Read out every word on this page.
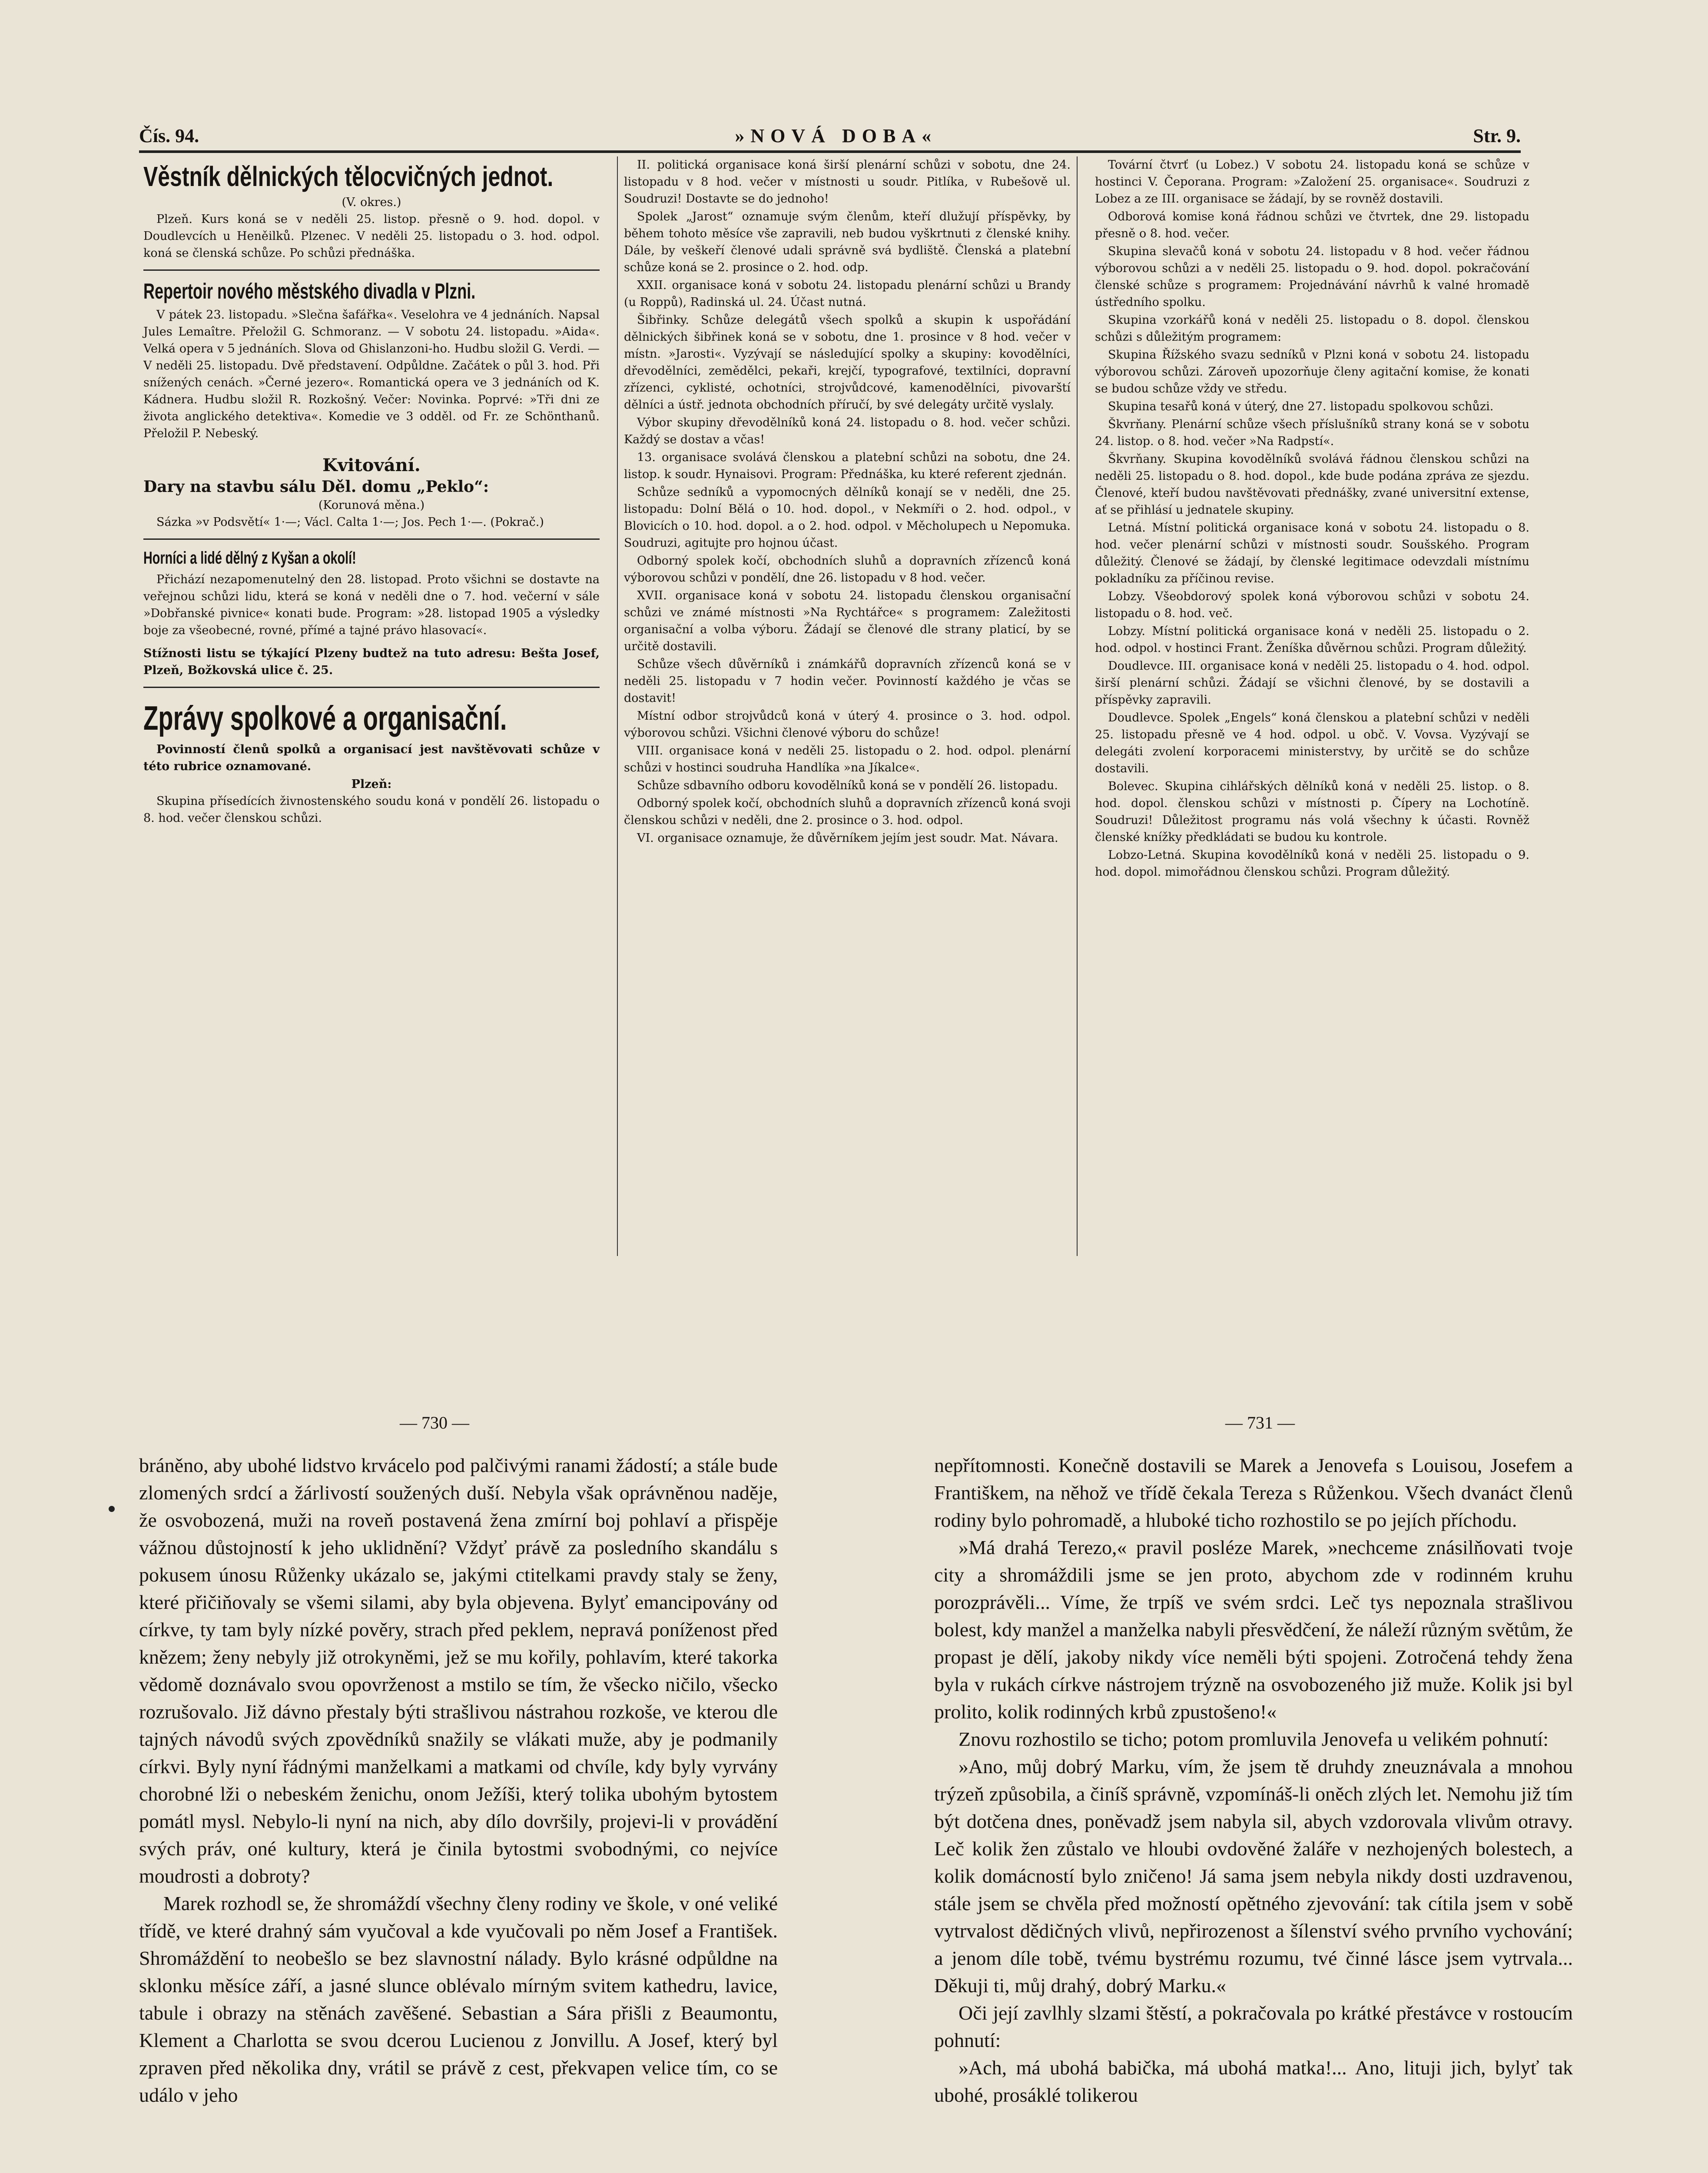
Čís. 94.	»NOVÁ DOBA«	Str. 9.
Věstník dělnických tělocvičných jednot.
(V. okres.)
Plzeň. Kurs koná se v neděli 25. listop. přesně o 9. hod. dopol. v Doudlevcích u Heněilků. Plzenec. V neděli 25. listopadu o 3. hod. odpol. koná se členská schůze. Po schůzi přednáška.
Repertoir nového městského divadla v Plzni.
V pátek 23. listopadu. »Slečna šafářka«. Veselohra ve 4 jednáních. Napsal Jules Lemaître. Přeložil G. Schmoranz. — V sobotu 24. listopadu. »Aida«. Velká opera v 5 jednáních. Slova od Ghislanzoni-ho. Hudbu složil G. Verdi. — V neděli 25. listopadu. Dvě představení. Odpůldne. Začátek o půl 3. hod. Při snížených cenách. »Černé jezero«. Romantická opera ve 3 jednáních od K. Kádnera. Hudbu složil R. Rozkošný. Večer: Novinka. Poprvé: »Tři dni ze života anglického detektiva«. Komedie ve 3 odděl. od Fr. ze Schönthanů. Přeložil P. Nebeský.
Kvitování.
Dary na stavbu sálu Děl. domu „Peklo“:
(Korunová měna.)
Sázka »v Podsvětí« 1·—; Václ. Calta 1·—; Jos. Pech 1·—. (Pokrač.)
Horníci a lidé dělný z Kyšan a okolí!
Přichází nezapomenutelný den 28. listopad. Proto všichni se dostavte na veřejnou schůzi lidu, která se koná v neděli dne o 7. hod. večerní v sále »Dobřanské pivnice« konati bude. Program: »28. listopad 1905 a výsledky boje za všeobecné, rovné, přímé a tajné právo hlasovací«.
Stížnosti listu se týkající Plzeny budtež na tuto adresu: Bešta Josef, Plzeň, Božkovská ulice č. 25.
Zprávy spolkové a organisační.
Povinností členů spolků a organisací jest navštěvovati schůze v této rubrice oznamované.
Plzeň:
Skupina přísedících živnostenského soudu koná v pondělí 26. listopadu o 8. hod. večer členskou schůzi.
II. politická organisace koná širší plenární schůzi v sobotu, dne 24. listopadu v 8 hod. večer v místnosti u soudr. Pitlíka, v Rubešově ul. Soudruzi! Dostavte se do jednoho!
Spolek „Jarost“ oznamuje svým členům, kteří dlužují příspěvky, by během tohoto měsíce vše zapravili, neb budou vyškrtnuti z členské knihy. Dále, by veškeří členové udali správně svá bydliště. Členská a platební schůze koná se 2. prosince o 2. hod. odp.
XXII. organisace koná v sobotu 24. listopadu plenární schůzi u Brandy (u Roppů), Radinská ul. 24. Účast nutná.
Šibřinky. Schůze delegátů všech spolků a skupin k uspořádání dělnických šibřinek koná se v sobotu, dne 1. prosince v 8 hod. večer v místn. »Jarosti«. Vyzývají se následující spolky a skupiny: kovodělníci, dřevodělníci, zemědělci, pekaři, krejčí, typografové, textilníci, dopravní zřízenci, cyklisté, ochotníci, strojvůdcové, kamenodělníci, pivovarští dělníci a ústř. jednota obchodních příručí, by své delegáty určitě vyslaly.
Výbor skupiny dřevodělníků koná 24. listopadu o 8. hod. večer schůzi. Každý se dostav a včas!
13. organisace svolává členskou a platební schůzi na sobotu, dne 24. listop. k soudr. Hynaisovi. Program: Přednáška, ku které referent zjednán.
Schůze sedníků a vypomocných dělníků konají se v neděli, dne 25. listopadu: Dolní Bělá o 10. hod. dopol., v Nekmíři o 2. hod. odpol., v Blovicích o 10. hod. dopol. a o 2. hod. odpol. v Měcholupech u Nepomuka. Soudruzi, agitujte pro hojnou účast.
Odborný spolek kočí, obchodních sluhů a dopravních zřízenců koná výborovou schůzi v pondělí, dne 26. listopadu v 8 hod. večer.
XVII. organisace koná v sobotu 24. listopadu členskou organisační schůzi ve známé místnosti »Na Rychtářce« s programem: Zaležitosti organisační a volba výboru. Žádají se členové dle strany platicí, by se určitě dostavili.
Schůze všech důvěrníků i známkářů dopravních zřízenců koná se v neděli 25. listopadu v 7 hodin večer. Povinností každého je včas se dostavit!
Místní odbor strojvůdců koná v úterý 4. prosince o 3. hod. odpol. výborovou schůzi. Všichni členové výboru do schůze!
VIII. organisace koná v neděli 25. listopadu o 2. hod. odpol. plenární schůzi v hostinci soudruha Handlíka »na Jíkalce«.
Schůze sdbavního odboru kovodělníků koná se v pondělí 26. listopadu.
Odborný spolek kočí, obchodních sluhů a dopravních zřízenců koná svoji členskou schůzi v neděli, dne 2. prosince o 3. hod. odpol.
VI. organisace oznamuje, že důvěrníkem jejím jest soudr. Mat. Návara.
Tovární čtvrť (u Lobez.) V sobotu 24. listopadu koná se schůze v hostinci V. Čeporana. Program: »Založení 25. organisace«. Soudruzi z Lobez a ze III. organisace se žádají, by se rovněž dostavili.
Odborová komise koná řádnou schůzi ve čtvrtek, dne 29. listopadu přesně o 8. hod. večer.
Skupina slevačů koná v sobotu 24. listopadu v 8 hod. večer řádnou výborovou schůzi a v neděli 25. listopadu o 9. hod. dopol. pokračování členské schůze s programem: Projednávání návrhů k valné hromadě ústředního spolku.
Skupina vzorkářů koná v neděli 25. listopadu o 8. dopol. členskou schůzi s důležitým programem:
Skupina Řížského svazu sedníků v Plzni koná v sobotu 24. listopadu výborovou schůzi. Zároveň upozorňuje členy agitační komise, že konati se budou schůze vždy ve středu.
Skupina tesařů koná v úterý, dne 27. listopadu spolkovou schůzi.
Škvrňany. Plenární schůze všech příslušníků strany koná se v sobotu 24. listop. o 8. hod. večer »Na Radpstí«.
Škvrňany. Skupina kovodělníků svolává řádnou členskou schůzi na neděli 25. listopadu o 8. hod. dopol., kde bude podána zpráva ze sjezdu. Členové, kteří budou navštěvovati přednášky, zvané universitní extense, ať se přihlásí u jednatele skupiny.
Letná. Místní politická organisace koná v sobotu 24. listopadu o 8. hod. večer plenární schůzi v místnosti soudr. Soušského. Program důležitý. Členové se žádají, by členské legitimace odevzdali místnímu pokladníku za příčinou revise.
Lobzy. Všeobdorový spolek koná výborovou schůzi v sobotu 24. listopadu o 8. hod. več.
Lobzy. Místní politická organisace koná v neděli 25. listopadu o 2. hod. odpol. v hostinci Frant. Ženíška důvěrnou schůzi. Program důležitý.
Doudlevce. III. organisace koná v neděli 25. listopadu o 4. hod. odpol. širší plenární schůzi. Žádají se všichni členové, by se dostavili a příspěvky zapravili.
Doudlevce. Spolek „Engels“ koná členskou a platební schůzi v neděli 25. listopadu přesně ve 4 hod. odpol. u obč. V. Vovsa. Vyzývají se delegáti zvolení korporacemi ministerstvy, by určitě se do schůze dostavili.
Bolevec. Skupina cihlářských dělníků koná v neděli 25. listop. o 8. hod. dopol. členskou schůzi v místnosti p. Čípery na Lochotíně. Soudruzi! Důležitost programu nás volá všechny k účasti. Rovněž členské knížky předkládati se budou ku kontrole.
Lobzo-Letná. Skupina kovodělníků koná v neděli 25. listopadu o 9. hod. dopol. mimořádnou členskou schůzi. Program důležitý.
— 730 —	— 731 —
bráněno, aby ubohé lidstvo krvácelo pod palčivými ranami žádostí; a stále bude zlomených srdcí a žárlivostí soužených duší. Nebyla však oprávněnou naděje, že osvobozená, muži na roveň postavená žena zmírní boj pohlaví a přispěje vážnou důstojností k jeho uklidnění? Vždyť právě za posledního skandálu s pokusem únosu Růženky ukázalo se, jakými ctitelkami pravdy staly se ženy, které přičiňovaly se všemi silami, aby byla objevena. Bylyť emancipovány od církve, ty tam byly nízké pověry, strach před peklem, nepravá poníženost před knězem; ženy nebyly již otrokyněmi, jež se mu kořily, pohlavím, které takorka vědomě doznávalo svou opovrženost a mstilo se tím, že všecko ničilo, všecko rozrušovalo. Již dávno přestaly býti strašlivou nástrahou rozkoše, ve kterou dle tajných návodů svých zpovědníků snažily se vlákati muže, aby je podmanily církvi. Byly nyní řádnými manželkami a matkami od chvíle, kdy byly vyrvány chorobné lži o nebeském ženichu, onom Ježíši, který tolika ubohým bytostem pomátl mysl. Nebylo-li nyní na nich, aby dílo dovršily, projevi-li v provádění svých práv, oné kultury, která je činila bytostmi svobodnými, co nejvíce moudrosti a dobroty?
Marek rozhodl se, že shromáždí všechny členy rodiny ve škole, v oné veliké třídě, ve které drahný sám vyučoval a kde vyučovali po něm Josef a František. Shromáždění to neobešlo se bez slavnostní nálady. Bylo krásné odpůldne na sklonku měsíce září, a jasné slunce oblévalo mírným svitem kathedru, lavice, tabule i obrazy na stěnách zavěšené. Sebastian a Sára přišli z Beaumontu, Klement a Charlotta se svou dcerou Lucienou z Jonvillu. A Josef, který byl zpraven před několika dny, vrátil se právě z cest, překvapen velice tím, co se událo v jeho
nepřítomnosti. Konečně dostavili se Marek a Jenovefa s Louisou, Josefem a Františkem, na něhož ve třídě čekala Tereza s Růženkou. Všech dvanáct členů rodiny bylo pohromadě, a hluboké ticho rozhostilo se po jejích příchodu.
»Má drahá Terezo,« pravil posléze Marek, »nechceme znásilňovati tvoje city a shromáždili jsme se jen proto, abychom zde v rodinném kruhu porozprávěli... Víme, že trpíš ve svém srdci. Leč tys nepoznala strašlivou bolest, kdy manžel a manželka nabyli přesvědčení, že náleží různým světům, že propast je dělí, jakoby nikdy více neměli býti spojeni. Zotročená tehdy žena byla v rukách církve nástrojem trýzně na osvobozeného již muže. Kolik jsi byl prolito, kolik rodinných krbů zpustošeno!«
Znovu rozhostilo se ticho; potom promluvila Jenovefa u velikém pohnutí:
»Ano, můj dobrý Marku, vím, že jsem tě druhdy zneuznávala a mnohou trýzeň způsobila, a činíš správně, vzpomínáš-li oněch zlých let. Nemohu již tím být dotčena dnes, poněvadž jsem nabyla sil, abych vzdorovala vlivům otravy. Leč kolik žen zůstalo ve hloubi ovdověné žaláře v nezhojených bolestech, a kolik domácností bylo zničeno! Já sama jsem nebyla nikdy dosti uzdravenou, stále jsem se chvěla před možností opětného zjevování: tak cítila jsem v sobě vytrvalost dědičných vlivů, nepřirozenost a šílenství svého prvního vychování; a jenom díle tobě, tvému bystrému rozumu, tvé činné lásce jsem vytrvala... Děkuji ti, můj drahý, dobrý Marku.«
Oči její zavlhly slzami štěstí, a pokračovala po krátké přestávce v rostoucím pohnutí:
»Ach, má ubohá babička, má ubohá matka!... Ano, lituji jich, bylyť tak ubohé, prosáklé tolikerou
